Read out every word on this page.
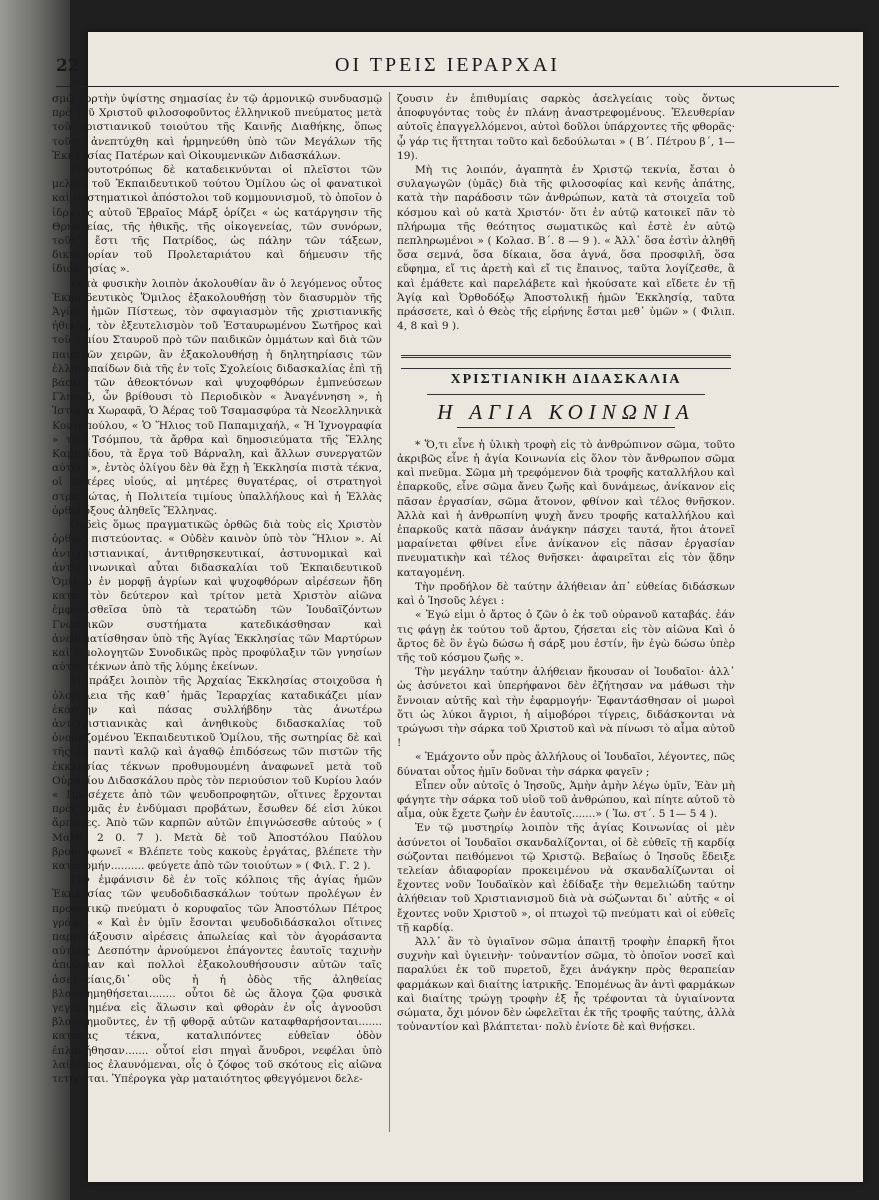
22	ΟΙ ΤΡΕΙΣ ΙΕΡΑΡΧΑΙ

σμῷ ἑορτὴν ὑψίστης σημασίας ἐν τῷ ἁρμονικῷ συνδυασμῷ πρὸ τοῦ Χριστοῦ φιλοσοφοῦντος ἑλληνικοῦ πνεύματος μετὰ τοῦ χριστιανικοῦ τοιούτου τῆς Καινῆς Διαθήκης, ὅπως τοῦτο ἀνεπτύχθη καὶ ἡρμηνεύθη ὑπὸ τῶν Μεγάλων τῆς Ἐκκλησίας Πατέρων καὶ Οἰκουμενικῶν Διδασκάλων.

Τοιουτοτρόπως δὲ καταδεικνύνται οἱ πλεῖστοι τῶν μελῶν τοῦ Ἐκπαιδευτικοῦ τούτου Ὁμίλου ὡς οἱ φανατικοὶ καὶ συστηματικοὶ ἀπόστολοι τοῦ κομμουνισμοῦ, τὸ ὁποῖον ὁ ἱδρυτὴς αὐτοῦ Ἑβραῖος Μάρξ ὁρίζει « ὡς κατάργησιν τῆς Θρησκείας, τῆς ἠθικῆς, τῆς οἰκογενείας, τῶν συνόρων, τοῦτ᾽ ἔστι τῆς Πατρίδος, ὡς πάλην τῶν τάξεων, δικτατορίαν τοῦ Προλεταριάτου καὶ δήμευσιν τῆς ἰδιοκτησίας ».

Κατὰ φυσικὴν λοιπὸν ἀκολουθίαν ἂν ὁ λεγόμενος οὗτος Ἐκπαιδευτικὸς Ὅμιλος ἐξακολουθήσῃ τὸν διασυρμὸν τῆς Ἁγίας ἡμῶν Πίστεως, τὸν σφαγιασμὸν τῆς χριστιανικῆς ἠθικῆς, τὸν ἐξευτελισμὸν τοῦ Ἐσταυρωμένου Σωτῆρος καὶ τοῦ τιμίου Σταυροῦ πρὸ τῶν παιδικῶν ὀμμάτων καὶ διὰ τῶν παιδικῶν χειρῶν, ἂν ἐξακολουθήσῃ ἡ δηλητηρίασις τῶν ἑλληνοπαίδων διὰ τῆς ἐν τοῖς Σχολείοις διδασκαλίας ἐπὶ τῇ βάσει τῶν ἀθεοκτόνων καὶ ψυχοφθόρων ἐμπνεύσεων Γληνοῦ, ὧν βρίθουσι τὸ Περιοδικὸν « Ἀναγέννηση », ἡ Ἱστορία Χωραφᾶ, Ὁ Ἀέρας τοῦ Τσαμασφύρα τὰ Νεοελληνικὰ Κοντοπούλου, « Ὁ Ἥλιος τοῦ Παπαμιχαήλ, « Ἡ Ἰχνογραφία » τοῦ Τσόμπου, τὰ ἄρθρα καὶ δημοσιεύματα τῆς Ἔλλης Καμπρίδου, τὰ ἔργα τοῦ Βάρναλη, καὶ ἄλλων συνεργατῶν αὐτῶν », ἐντὸς ὀλίγου δὲν θὰ ἔχῃ ἡ Ἐκκλησία πιστὰ τέκνα, οἱ πατέρες υἱούς, αἱ μητέρες θυγατέρας, οἱ στρατηγοὶ στρατιώτας, ἡ Πολιτεία τιμίους ὑπαλλήλους καὶ ἡ Ἑλλὰς ὀρθοδόξους ἀληθεῖς Ἕλληνας.

Οὐδεὶς ὅμως πραγματικῶς ὀρθῶς διὰ τοὺς εἰς Χριστὸν ὀρθῶς πιστεύοντας. « Οὐδὲν καινὸν ὑπὸ τὸν Ἥλιον ». Αἱ ἀντιχριστιανικαί, ἀντιθρησκευτικαί, ἀστυνομικαὶ καὶ ἀντικοινωνικαὶ αὗται διδασκαλίαι τοῦ Ἐκπαιδευτικοῦ Ὁμίλου ἐν μορφῇ ἀγρίων καὶ ψυχοφθόρων αἱρέσεων ἤδη κατὰ τὸν δεύτερον καὶ τρίτον μετὰ Χριστὸν αἰῶνα ἐμφανισθεῖσα ὑπὸ τὰ τερατώδη τῶν Ἰουδαϊζόντων Γνωστικῶν συστήματα κατεδικάσθησαν καὶ ἀνεθεματίσθησαν ὑπὸ τῆς Ἁγίας Ἐκκλησίας τῶν Μαρτύρων καὶ Ὁμολογητῶν Συνοδικῶς πρὸς προφύλαξιν τῶν γνησίων αὐτῆς τέκνων ἀπὸ τῆς λύμης ἐκείνων.

Τῇ πράξει λοιπὸν τῆς Ἀρχαίας Ἐκκλησίας στοιχοῦσα ἡ ὁλομέλεια τῆς καθ᾽ ἡμᾶς Ἱεραρχίας καταδικάζει μίαν ἑκάστην καὶ πάσας συλλήβδην τὰς ἀνωτέρω ἀντιχριστιανικὰς καὶ ἀνηθικοὺς διδασκαλίας τοῦ ὀνομαζομένου Ἐκπαιδευτικοῦ Ὁμίλου, τῆς σωτηρίας δὲ καὶ τῆς ἐν παντὶ καλῷ καὶ ἀγαθῷ ἐπιδόσεως τῶν πιστῶν τῆς ἐκκλησίας τέκνων προθυμουμένη ἀναφωνεῖ μετὰ τοῦ Οὐρανίου Διδασκάλου πρὸς τὸν περιούσιον τοῦ Κυρίου λαόν « Προσέχετε ἀπὸ τῶν ψευδοπροφητῶν, οἵτινες ἔρχονται πρὸς ὑμᾶς ἐν ἐνδύμασι προβάτων, ἔσωθεν δέ εἰσι λύκοι ἅρπαγες. Ἀπὸ τῶν καρπῶν αὐτῶν ἐπιγνώσεσθε αὐτούς » ( Ματθ. 2 0. 7 ). Μετὰ δὲ τοῦ Ἀποστόλου Παύλου βροντοφωνεῖ « Βλέπετε τοὺς κακοὺς ἐργάτας, βλέπετε τὴν κατατομήν.......... φεύγετε ἀπὸ τῶν τοιούτων » ( Φιλ. Γ. 2 ).

Τὴν ἐμφάνισιν δὲ ἐν τοῖς κόλποις τῆς ἁγίας ἡμῶν Ἐκκλησίας τῶν ψευδοδιδασκάλων τούτων προλέγων ἐν προφητικῷ πνεύματι ὁ κορυφαῖος τῶν Ἀποστόλων Πέτρος γράφει « Καὶ ἐν ὑμῖν ἔσονται ψευδοδιδάσκαλοι οἵτινες παρεισάξουσιν αἱρέσεις ἀπωλείας καὶ τὸν ἀγοράσαντα αὐτοὺς Δεσπότην ἀρνούμενοι ἐπάγοντες ἑαυτοῖς ταχινὴν ἀπώλειαν καὶ πολλοὶ ἐξακολουθήσουσιν αὐτῶν ταῖς ἀσελγείαις,δι᾽ οὓς ἡ ἡ ὁδὸς τῆς ἀληθείας βλασφημηθήσεται........ οὗτοι δὲ ὡς ἄλογα ζῷα φυσικὰ γεγεννημένα εἰς ἅλωσιν καὶ φθορὰν ἐν οἷς ἀγνοοῦσι βλασφημοῦντες, ἐν τῇ φθορᾷ αὐτῶν καταφθαρήσονται....... κατάρας τέκνα, καταλιπόντες εὐθεῖαν ὁδὸν ἐπλανήθησαν....... οὗτοί εἰσι πηγαὶ ἄνυδροι, νεφέλαι ὑπὸ λαίλαπος ἐλαυνόμεναι, οἷς ὁ ζόφος τοῦ σκότους εἰς αἰῶνα τετήρηται. Ὑπέρογκα γὰρ ματαιότητος φθεγγόμενοι δελε-

ζουσιν ἐν ἐπιθυμίαις σαρκὸς ἀσελγείαις τοὺς ὄντως ἀποφυγόντας τοὺς ἐν πλάνῃ ἀναστρεφομένους. Ἐλευθερίαν αὐτοῖς ἐπαγγελλόμενοι, αὐτοὶ δοῦλοι ὑπάρχοντες τῆς φθορᾶς· ᾧ γάρ τις ἥττηται τοῦτο καὶ δεδούλωται » ( Β΄. Πέτρου β΄, 1—19).

Μὴ τις λοιπόν, ἀγαπητὰ ἐν Χριστῷ τεκνία, ἔσται ὁ συλαγωγῶν (ὑμᾶς) διὰ τῆς φιλοσοφίας καὶ κενῆς ἀπάτης, κατὰ τὴν παράδοσιν τῶν ἀνθρώπων, κατὰ τὰ στοιχεῖα τοῦ κόσμου καὶ οὐ κατὰ Χριστόν· ὅτι ἐν αὐτῷ κατοικεῖ πᾶν τὸ πλήρωμα τῆς θεότητος σωματικῶς καὶ ἐστὲ ἐν αὐτῷ πεπληρωμένοι » ( Κολασ. Β΄. 8 — 9 ). « Ἀλλ᾽ ὅσα ἐστὶν ἀληθῆ ὅσα σεμνά, ὅσα δίκαια, ὅσα ἁγνά, ὅσα προσφιλῆ, ὅσα εὔφημα, εἴ τις ἀρετὴ καὶ εἴ τις ἔπαινος, ταῦτα λογίζεσθε, ἃ καὶ ἐμάθετε καὶ παρελάβετε καὶ ἠκούσατε καὶ εἴδετε ἐν τῇ Ἁγίᾳ καὶ Ὀρθοδόξῳ Ἀποστολικῇ ἡμῶν Ἐκκλησίᾳ, ταῦτα πράσσετε, καὶ ὁ Θεὸς τῆς εἰρήνης ἔσται μεθ᾽ ὑμῶν » ( Φιλιπ. 4, 8 καὶ 9 ).

ΧΡΙΣΤΙΑΝΙΚΗ ΔΙΔΑΣΚΑΛΙΑ
Η ΑΓΙΑ ΚΟΙΝΩΝΙΑ

* Ὅ,τι εἶνε ἡ ὑλικὴ τροφὴ εἰς τὸ ἀνθρώπινον σῶμα, τοῦτο ἀκριβῶς εἶνε ἡ ἁγία Κοινωνία εἰς ὅλον τὸν ἄνθρωπον σῶμα καὶ πνεῦμα. Σῶμα μὴ τρεφόμενον διὰ τροφῆς καταλλήλου καὶ ἐπαρκοῦς, εἶνε σῶμα ἄνευ ζωῆς καὶ δυνάμεως, ἀνίκανον εἰς πᾶσαν ἐργασίαν, σῶμα ἄτονον, φθίνον καὶ τέλος θνῆσκον. Ἀλλὰ καὶ ἡ ἀνθρωπίνη ψυχὴ ἄνευ τροφῆς καταλλήλου καὶ ἐπαρκοῦς κατὰ πᾶσαν ἀνάγκην πάσχει ταυτά, ἤτοι ἀτονεῖ μαραίνεται φθίνει εἶνε ἀνίκανον εἰς πᾶσαν ἐργασίαν πνευματικὴν καὶ τέλος θνῆσκει· ἀφαιρεῖται εἰς τὸν ᾅδην καταγομένη.

Τὴν προδήλον δὲ ταύτην ἀλήθειαν ἀπ᾽ εὐθείας διδάσκων καὶ ὁ Ἰησοῦς λέγει :

« Ἐγώ εἰμι ὁ ἄρτος ὁ ζῶν ὁ ἐκ τοῦ οὐρανοῦ καταβάς. ἐάν τις φάγῃ ἐκ τούτου τοῦ ἄρτου, ζήσεται εἰς τὸν αἰῶνα Καὶ ὁ ἄρτος δὲ ὃν ἐγὼ δώσω ἡ σάρξ μου ἐστίν, ἣν ἐγὼ δώσω ὑπὲρ τῆς τοῦ κόσμου ζωῆς ».

Τὴν μεγάλην ταύτην ἀλήθειαν ἤκουσαν οἱ Ἰουδαῖοι· ἀλλ᾽ ὡς ἀσύνετοι καὶ ὑπερήφανοι δὲν ἐζήτησαν να μάθωσι τὴν ἔννοιαν αὐτῆς καὶ τὴν ἐφαρμογήν· Ἐφαντάσθησαν οἱ μωροὶ ὅτι ὡς λύκοι ἄγριοι, ἡ αἱμοβόροι τίγρεις, διδάσκονται νὰ τρώγωσι τὴν σάρκα τοῦ Χριστοῦ καὶ νὰ πίνωσι τὸ αἷμα αὐτοῦ !

« Ἐμάχοντο οὖν πρὸς ἀλλήλους οἱ Ἰουδαῖοι, λέγοντες, πῶς δύναται οὗτος ἡμῖν δοῦναι τὴν σάρκα φαγεῖν ;

Εἶπεν οὖν αὐτοῖς ὁ Ἰησοῦς, Ἀμὴν ἀμὴν λέγω ὑμῖν, Ἐὰν μὴ φάγητε τὴν σάρκα τοῦ υἱοῦ τοῦ ἀνθρώπου, καὶ πίητε αὐτοῦ τὸ αἷμα, οὐκ ἔχετε ζωὴν ἐν ἑαυτοῖς.......» ( Ἰω. στ΄. 5 1— 5 4 ).

Ἐν τῷ μυστηρίῳ λοιπὸν τῆς ἁγίας Κοινωνίας οἱ μὲν ἀσύνετοι οἱ Ἰουδαῖοι σκανδαλίζονται, οἱ δὲ εὐθεῖς τῇ καρδίᾳ σώζονται πειθόμενοι τῷ Χριστῷ. Βεβαίως ὁ Ἰησοῦς ἔδειξε τελείαν ἀδιαφορίαν προκειμένου νὰ σκανδαλίζωνται οἱ ἔχοντες νοῦν Ἰουδαϊκὸν καὶ ἐδίδαξε τὴν θεμελιώδη ταύτην ἀλήθειαν τοῦ Χριστιανισμοῦ διὰ νὰ σώζωνται δι᾽ αὐτῆς « οἱ ἔχοντες νοῦν Χριστοῦ », οἱ πτωχοὶ τῷ πνεύματι καὶ οἱ εὐθεῖς τῇ καρδίᾳ.

Ἀλλ᾽ ἂν τὸ ὑγιαῖνον σῶμα ἀπαιτῇ τροφὴν ἐπαρκῆ ἤτοι συχνὴν καὶ ὑγιεινὴν· τοὐναντίον σῶμα, τὸ ὁποῖον νοσεῖ καὶ παραλύει ἐκ τοῦ πυρετοῦ, ἔχει ἀνάγκην πρὸς θεραπείαν φαρμάκων καὶ διαίτης ἰατρικῆς. Ἐπομένως ἂν ἀντὶ φαρμάκων καὶ διαίτης τρώγῃ τροφὴν ἐξ ἧς τρέφονται τὰ ὑγιαίνοντα σώματα, ὄχι μόνον δὲν ὠφελεῖται ἐκ τῆς τροφῆς ταύτης, ἀλλὰ τοὐναντίον καὶ βλάπτεται· πολὺ ἐνίοτε δὲ καὶ θνῄσκει.
